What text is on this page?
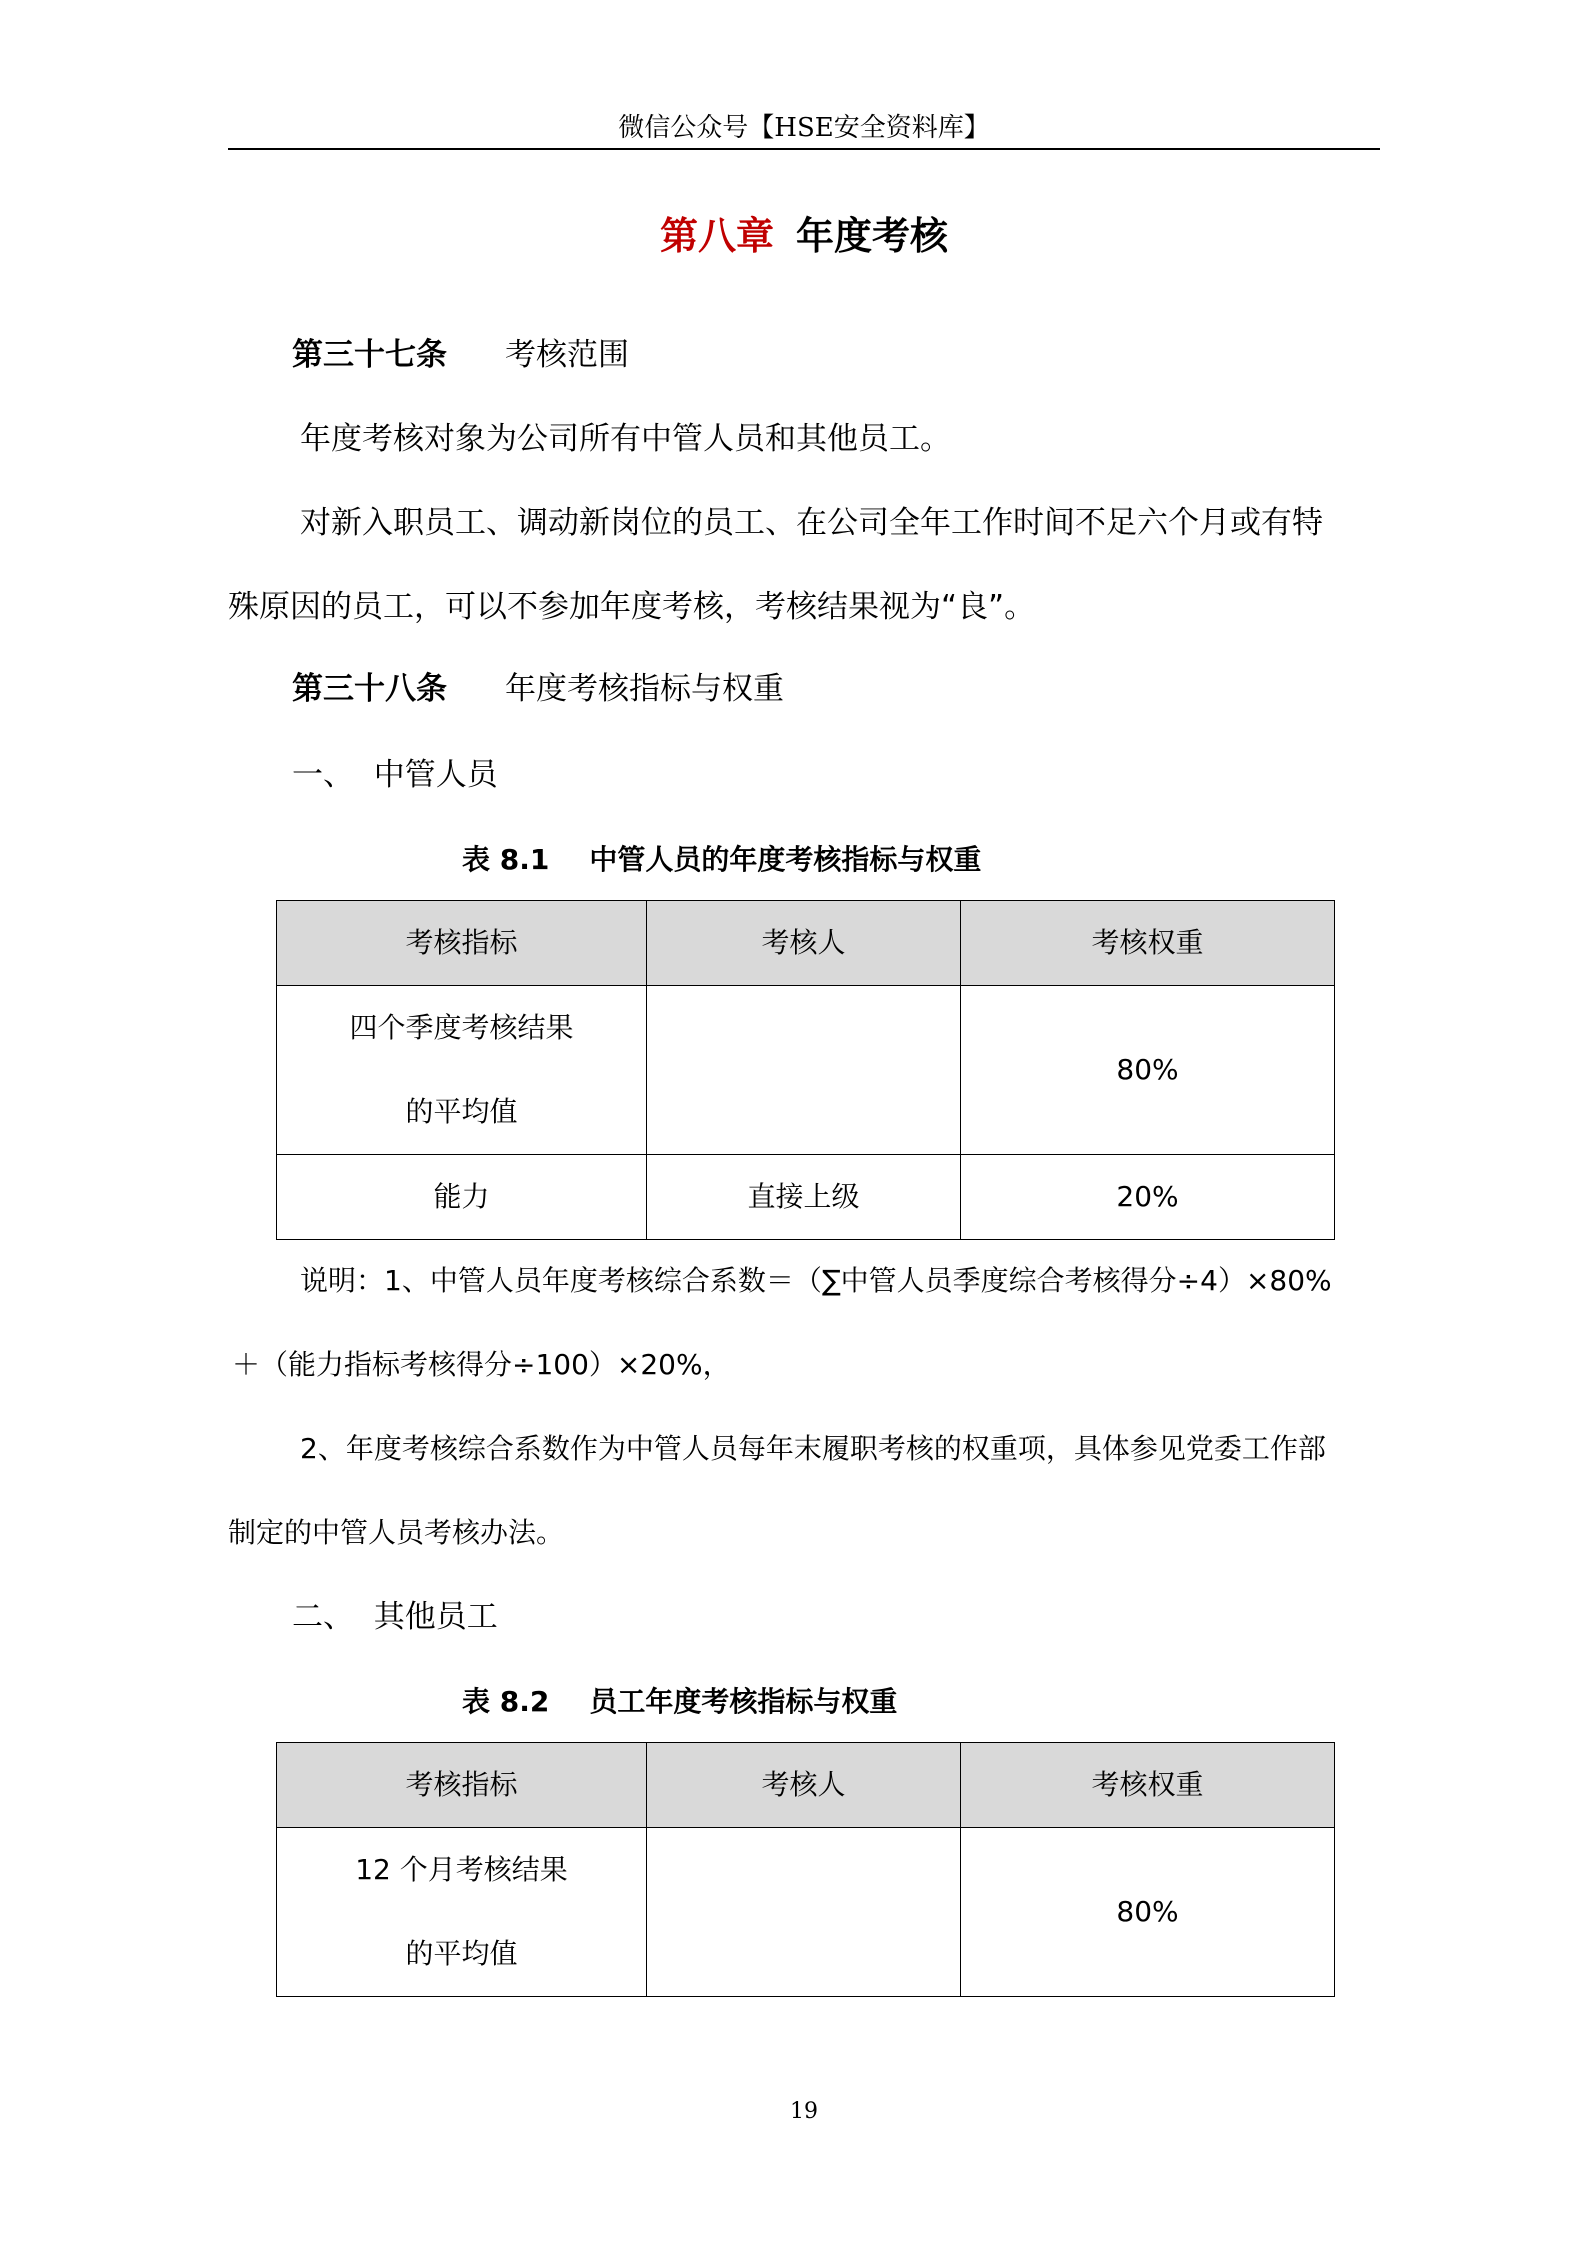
微信公众号【HSE安全资料库】
第八章 年度考核
第三十七条 考核范围
年度考核对象为公司所有中管人员和其他员工。
对新入职员工、调动新岗位的员工、在公司全年工作时间不足六个月或有特
殊原因的员工，可以不参加年度考核，考核结果视为“良”。
第三十八条 年度考核指标与权重
一、  中管人员
表 8.1 中管人员的年度考核指标与权重
考核指标	考核人	考核权重

四个季度考核结果
的平均值		80%
能力	直接上级	20%
说明：1、中管人员年度考核综合系数＝（∑中管人员季度综合考核得分÷4）×80%
＋（能力指标考核得分÷100）×20%，
2、年度考核综合系数作为中管人员每年末履职考核的权重项，具体参见党委工作部
制定的中管人员考核办法。
二、  其他员工
表 8.2 员工年度考核指标与权重
考核指标	考核人	考核权重

12 个月考核结果
的平均值		80%
19
